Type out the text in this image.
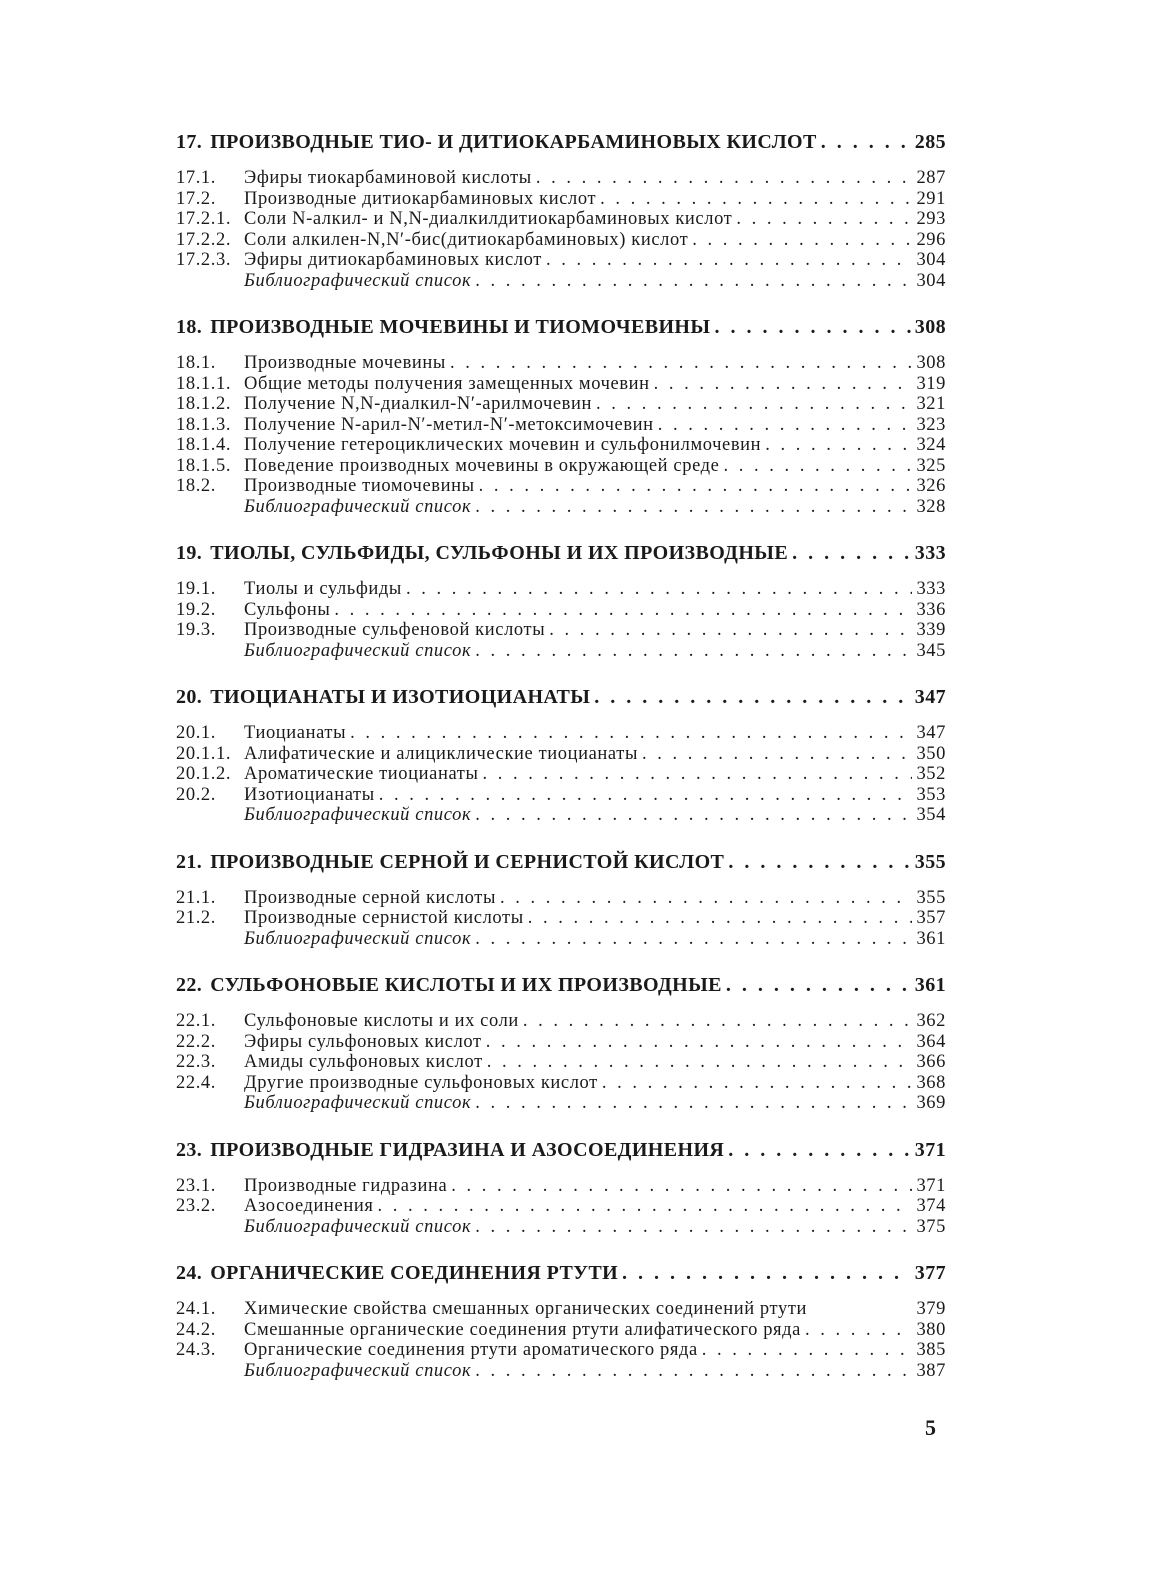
17. ПРОИЗВОДНЫЕ ТИО- И ДИТИОКАРБАМИНОВЫХ КИСЛОТ . . .	285
17.1.	Эфиры тиокарбаминовой кислоты . . .	287
17.2.	Производные дитиокарбаминовых кислот . . .	291
17.2.1. Соли N-алкил- и N,N-диалкилдитиокарбаминовых кислот . . .	293
17.2.2. Соли алкилен-N,N′-бис(дитиокарбаминовых) кислот . . .	296
17.2.3. Эфиры дитиокарбаминовых кислот . . .	304
Библиографический список . . .	304
18. ПРОИЗВОДНЫЕ МОЧЕВИНЫ И ТИОМОЧЕВИНЫ . . .	308
18.1.	Производные мочевины . . .	308
18.1.1. Общие методы получения замещенных мочевин . . .	319
18.1.2. Получение N,N-диалкил-N′-арилмочевин . . .	321
18.1.3. Получение N-арил-N′-метил-N′-метоксимочевин . . .	323
18.1.4. Получение гетероциклических мочевин и сульфонилмочевин . . .	324
18.1.5. Поведение производных мочевины в окружающей среде . . .	325
18.2.	Производные тиомочевины . . .	326
Библиографический список . . .	328
19. ТИОЛЫ, СУЛЬФИДЫ, СУЛЬФОНЫ И ИХ ПРОИЗВОДНЫЕ . . .	333
19.1.	Тиолы и сульфиды . . .	333
19.2.	Сульфоны . . .	336
19.3.	Производные сульфеновой кислоты . . .	339
Библиографический список . . .	345
20. ТИОЦИАНАТЫ И ИЗОТИОЦИАНАТЫ . . .	347
20.1.	Тиоцианаты . . .	347
20.1.1. Алифатические и алициклические тиоцианаты . . .	350
20.1.2. Ароматические тиоцианаты . . .	352
20.2.	Изотиоцианаты . . .	353
Библиографический список . . .	354
21. ПРОИЗВОДНЫЕ СЕРНОЙ И СЕРНИСТОЙ КИСЛОТ . . .	355
21.1.	Производные серной кислоты . . .	355
21.2.	Производные сернистой кислоты . . .	357
Библиографический список . . .	361
22. СУЛЬФОНОВЫЕ КИСЛОТЫ И ИХ ПРОИЗВОДНЫЕ . . .	361
22.1.	Сульфоновые кислоты и их соли . . .	362
22.2.	Эфиры сульфоновых кислот . . .	364
22.3.	Амиды сульфоновых кислот . . .	366
22.4.	Другие производные сульфоновых кислот . . .	368
Библиографический список . . .	369
23. ПРОИЗВОДНЫЕ ГИДРАЗИНА И АЗОСОЕДИНЕНИЯ . . .	371
23.1.	Производные гидразина . . .	371
23.2.	Азосоединения . . .	374
Библиографический список . . .	375
24. ОРГАНИЧЕСКИЕ СОЕДИНЕНИЯ РТУТИ . . .	377
24.1.	Химические свойства смешанных органических соединений ртути	379
24.2.	Смешанные органические соединения ртути алифатического ряда . . .	380
24.3.	Органические соединения ртути ароматического ряда . . .	385
Библиографический список . . .	387
5
